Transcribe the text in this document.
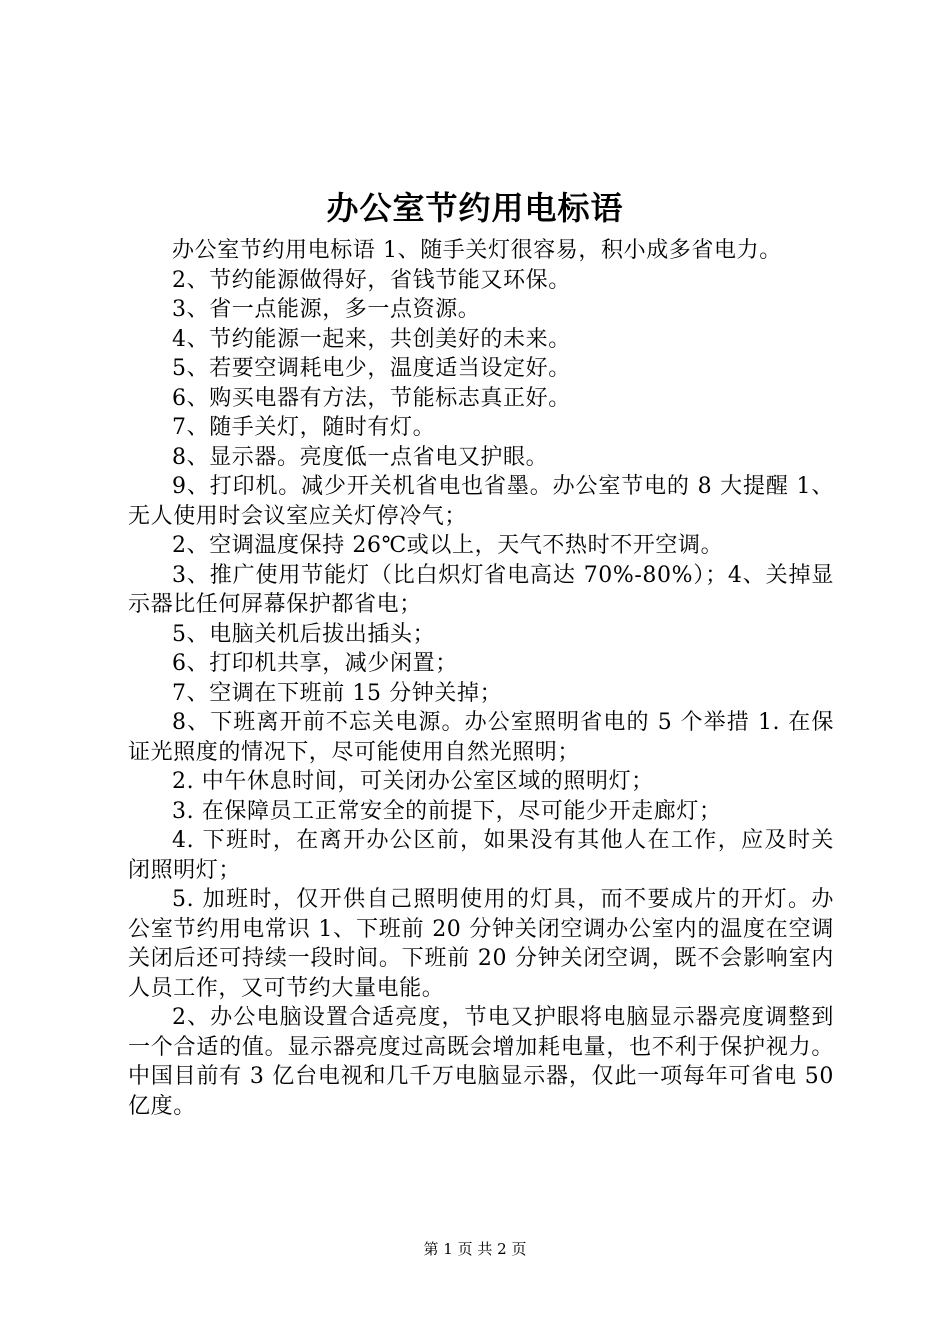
办公室节约用电标语

办公室节约用电标语 1、随手关灯很容易，积小成多省电力。

2、节约能源做得好，省钱节能又环保。

3、省一点能源，多一点资源。

4、节约能源一起来，共创美好的未来。

5、若要空调耗电少，温度适当设定好。

6、购买电器有方法，节能标志真正好。

7、随手关灯，随时有灯。

8、显示器。亮度低一点省电又护眼。

9、打印机。减少开关机省电也省墨。办公室节电的 8 大提醒 1、无人使用时会议室应关灯停冷气；

2、空调温度保持 26℃或以上，天气不热时不开空调。

3、推广使用节能灯（比白炽灯省电高达 70%-80%）；4、关掉显示器比任何屏幕保护都省电；

5、电脑关机后拔出插头；

6、打印机共享，减少闲置；

7、空调在下班前 15 分钟关掉；

8、下班离开前不忘关电源。办公室照明省电的 5 个举措 1. 在保证光照度的情况下，尽可能使用自然光照明；

2. 中午休息时间，可关闭办公室区域的照明灯；

3. 在保障员工正常安全的前提下，尽可能少开走廊灯；

4. 下班时，在离开办公区前，如果没有其他人在工作，应及时关闭照明灯；

5. 加班时，仅开供自己照明使用的灯具，而不要成片的开灯。办公室节约用电常识 1、下班前 20 分钟关闭空调办公室内的温度在空调关闭后还可持续一段时间。下班前 20 分钟关闭空调，既不会影响室内人员工作，又可节约大量电能。

2、办公电脑设置合适亮度，节电又护眼将电脑显示器亮度调整到一个合适的值。显示器亮度过高既会增加耗电量，也不利于保护视力。中国目前有 3 亿台电视和几千万电脑显示器，仅此一项每年可省电 50 亿度。

第 1 页 共 2 页
